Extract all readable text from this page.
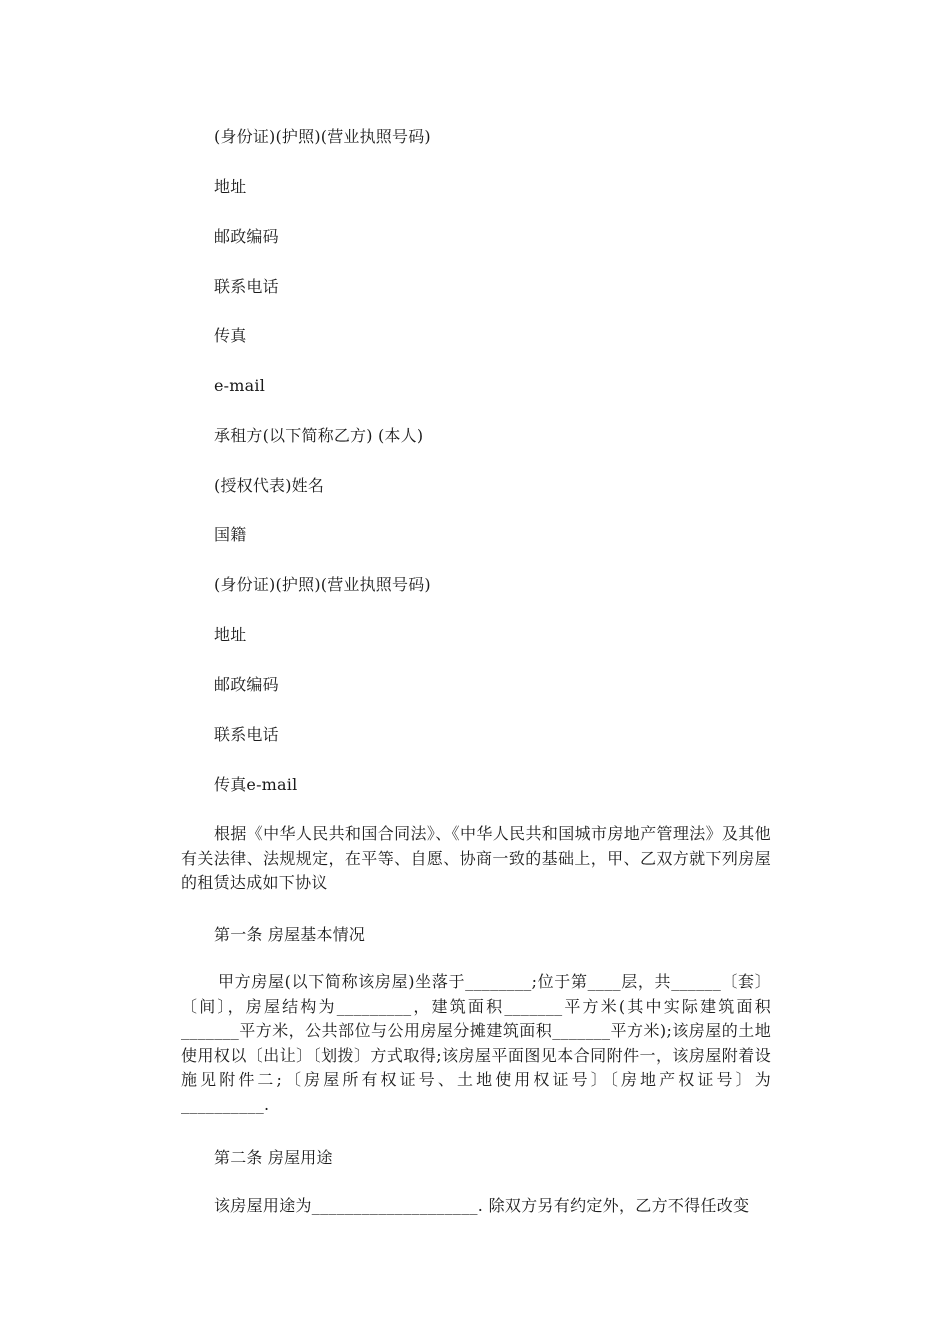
(身份证)(护照)(营业执照号码)
地址
邮政编码
联系电话
传真
e-mail
承租方(以下简称乙方) (本人)
(授权代表)姓名
国籍
(身份证)(护照)(营业执照号码)
地址
邮政编码
联系电话
传真e-mail
根据《中华人民共和国合同法》、《中华人民共和国城市房地产管理法》及其他有关法律、法规规定，在平等、自愿、协商一致的基础上，甲、乙双方就下列房屋的租赁达成如下协议
第一条 房屋基本情况
甲方房屋(以下简称该房屋)坐落于________;位于第____层，共______〔套〕〔间〕，房屋结构为_________，建筑面积_______平方米(其中实际建筑面积_______平方米，公共部位与公用房屋分摊建筑面积_______平方米);该房屋的土地使用权以〔出让〕〔划拨〕方式取得;该房屋平面图见本合同附件一，该房屋附着设施见附件二;〔房屋所有权证号、土地使用权证号〕〔房地产权证号〕为__________.
第二条 房屋用途
该房屋用途为____________________. 除双方另有约定外，乙方不得任改变
